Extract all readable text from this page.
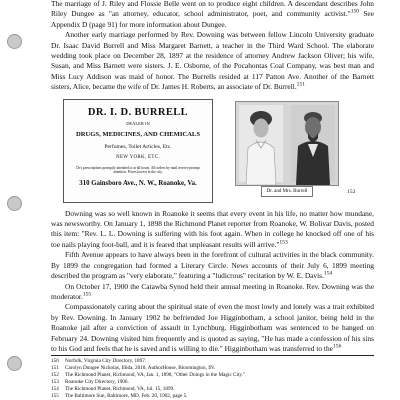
The marriage of J. Riley and Flossie Belle went on to produce eight children. A descendant describes John Riley Dungee as "an attorney, educator, school administrator, poet, and community activist."$^{150}$ See Appendix D (page 91) for more information about Dungee.

Another early marriage performed by Rev. Downing was between fellow Lincoln University graduate Dr. Isaac David Burrell and Miss Margaret Barnett, a teacher in the Third Ward School. The elaborate wedding took place on December 28, 1897 at the residence of attorney Andrew Jackson Oliver; his wife, Susan, and Miss Barnett were sisters. J. E. Osborne, of the Pocahontas Coal Company, was best man and Miss Lucy Addison was maid of honor. The Burrells resided at 117 Patton Ave. Another of the Barnett sisters, Alice, became the wife of Dr. James H. Roberts, an associate of Dr. Burrell.$^{151}$

DR. I. D. BURRELL
DEALER IN
DRUGS, MEDICINES, AND CHEMICALS
Perfumes, Toilet Articles, Etc.
NEW YORK, ETC.
Dr's prescriptions promptly attended to at all hours. All orders by mail receive prompt attention. Prices lowest in the city.
310 Gainsboro Ave., N. W., Roanoke, Va.
Dr. and Mrs. Burrell	152

Downing was so well known in Roanoke it seems that every event in his life, no matter how mundane, was newsworthy. On January 1, 1898 the Richmond Planet reporter from Roanoke, W. Bolivar Davis, posted this item: "Rev. L. L. Downing is suffering with his foot again. When in college he knocked off one of his toe nails playing foot-ball, and it is feared that unpleasant results will arrive."$^{153}$

Fifth Avenue appears to have always been in the forefront of cultural activities in the black community. By 1899 the congregation had formed a Literary Circle. News accounts of their July 6, 1899 meeting described the program as "very elaborate," featuring a "ludicrous" recitation by W. E. Davis.$^{154}$

On October 17, 1900 the Catawba Synod held their annual meeting in Roanoke. Rev. Downing was the moderator.$^{155}$

Compassionately caring about the spiritual state of even the most lowly and lonely was a trait exhibited by Rev. Downing. In January 1902 he befriended Joe Higginbotham, a school janitor, being held in the Roanoke jail after a conviction of assault in Lynchburg. Higginbotham was sentenced to be hanged on February 24. Downing visited him frequently and is quoted as saying, "He has made a confession of his sins to his God and feels that he is saved and is willing to die." Higginbotham was transferred to the$^{156}$

150	Norfolk, Virginia City Directory, 1897.
151	Carolyn Dungee Nicholas, Illida, 2010, AuthorHouse, Bloomington, IN.
152	The Richmond Planet, Richmond, VA, Jan. 1, 1898, "Other Doings in the Magic City."
153	Roanoke City Directory, 1906.
154	The Richmond Planet, Richmond, VA, Jul. 15, 1899.
155	The Baltimore Sun, Baltimore, MD, Feb. 20, 1902, page 5.
